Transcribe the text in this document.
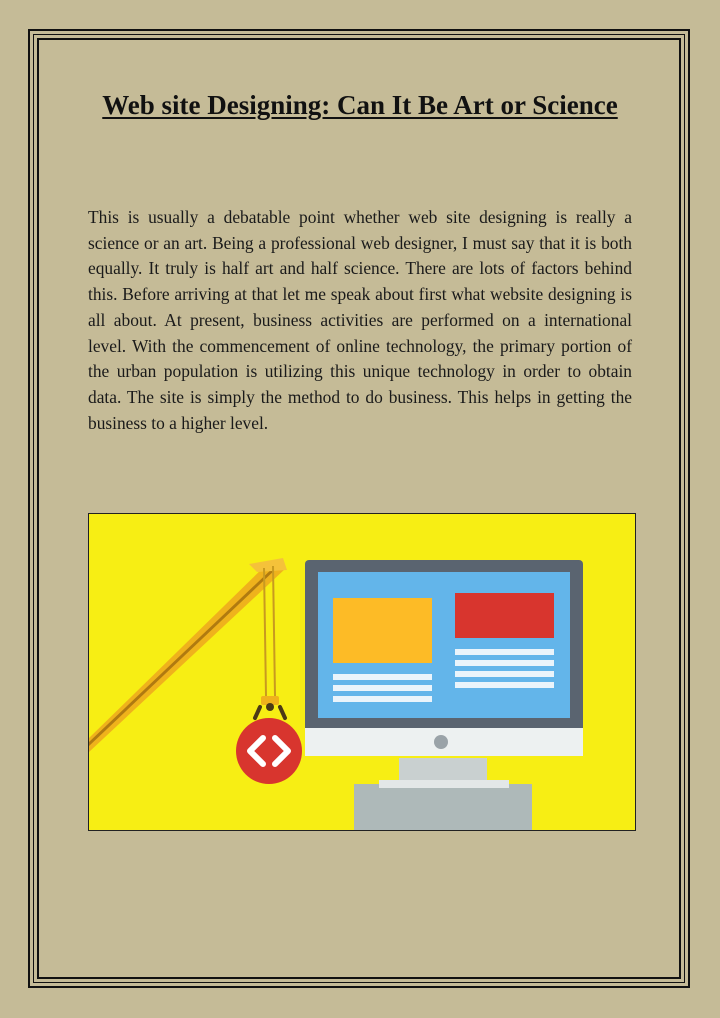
Web site Designing: Can It Be Art or Science

This is usually a debatable point whether web site designing is really a science or an art. Being a professional web designer, I must say that it is both equally. It truly is half art and half science. There are lots of factors behind this. Before arriving at that let me speak about first what website designing is all about. At present, business activities are performed on a international level. With the commencement of online technology, the primary portion of the urban population is utilizing this unique technology in order to obtain data. The site is simply the method to do business. This helps in getting the business to a higher level.
